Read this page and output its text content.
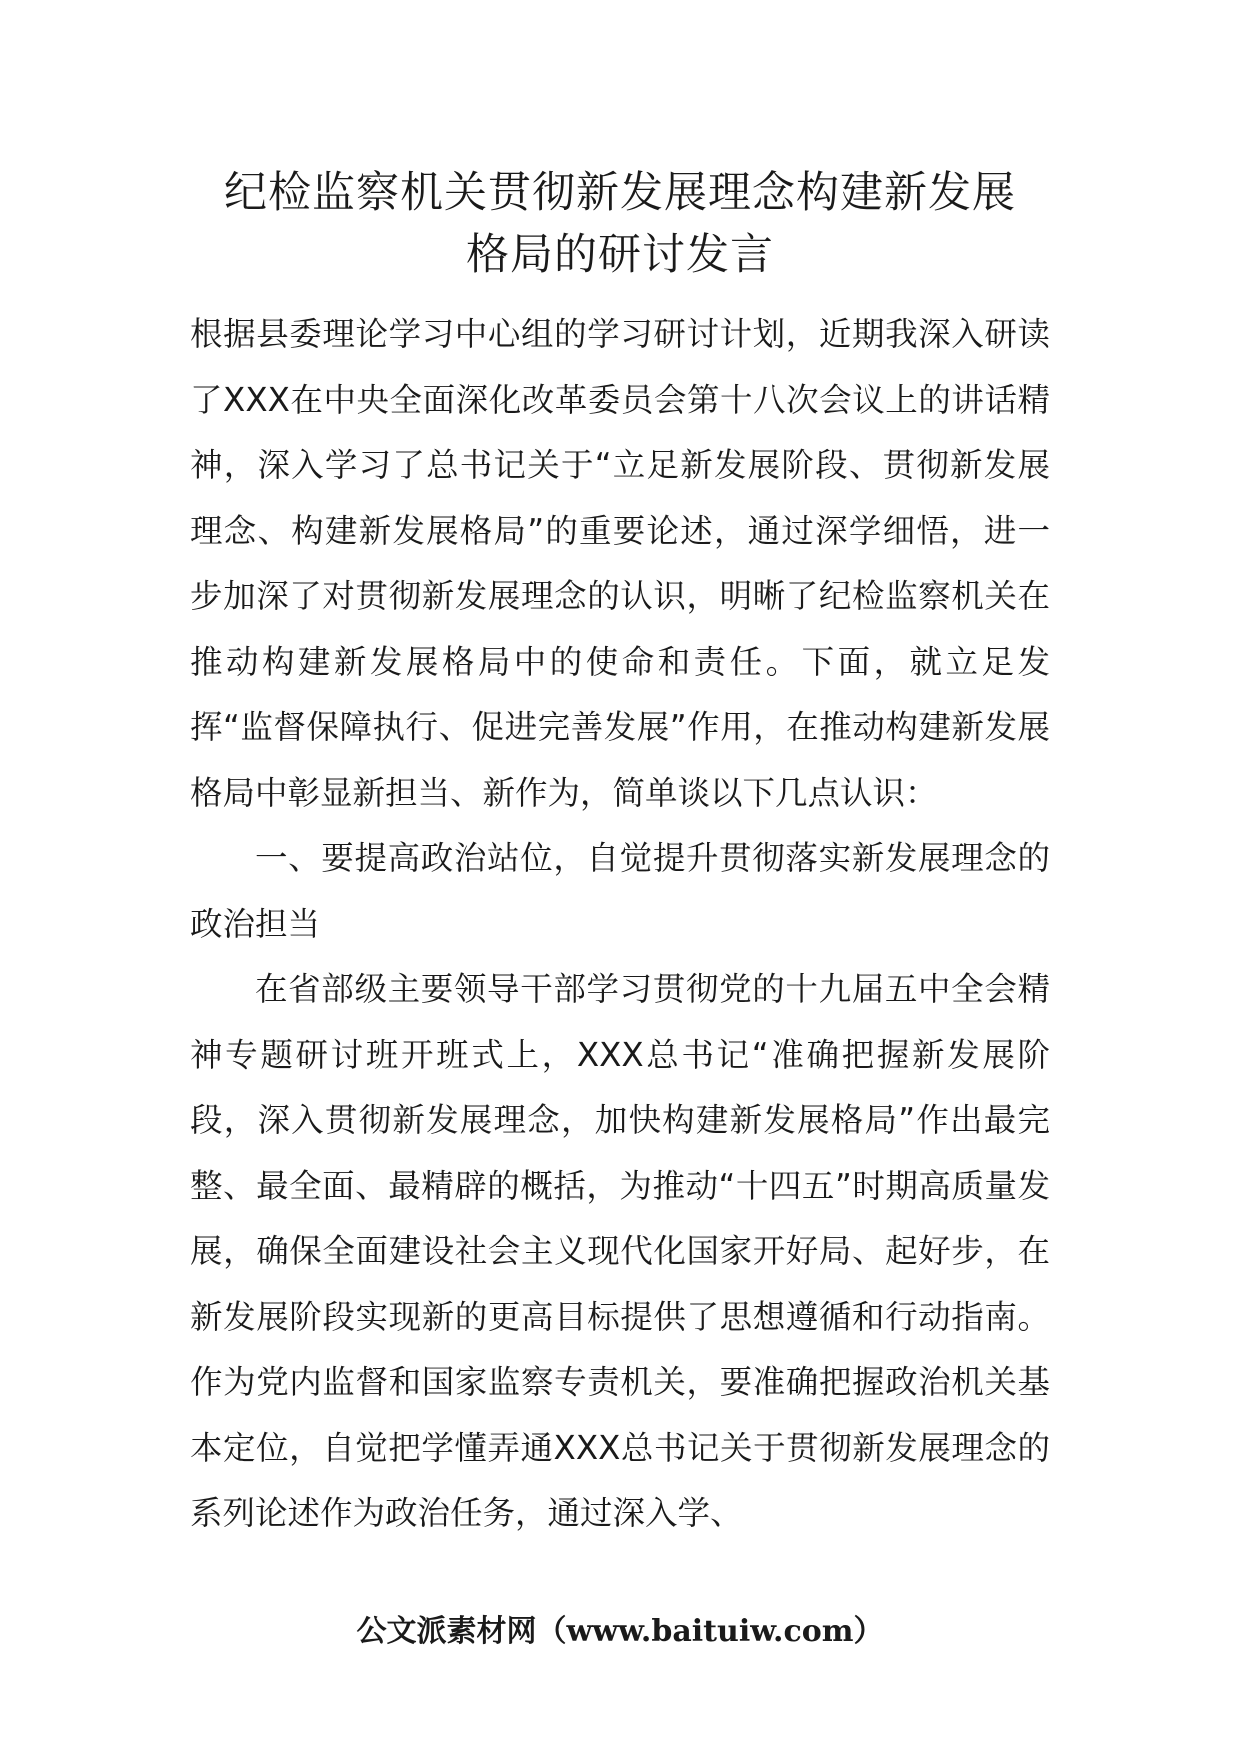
纪检监察机关贯彻新发展理念构建新发展
格局的研讨发言

根据县委理论学习中心组的学习研讨计划，近期我深入研读了XXX在中央全面深化改革委员会第十八次会议上的讲话精神，深入学习了总书记关于“立足新发展阶段、贯彻新发展理念、构建新发展格局”的重要论述，通过深学细悟，进一步加深了对贯彻新发展理念的认识，明晰了纪检监察机关在推动构建新发展格局中的使命和责任。下面，就立足发挥“监督保障执行、促进完善发展”作用，在推动构建新发展格局中彰显新担当、新作为，简单谈以下几点认识：

一、要提高政治站位，自觉提升贯彻落实新发展理念的政治担当

在省部级主要领导干部学习贯彻党的十九届五中全会精神专题研讨班开班式上，XXX总书记“准确把握新发展阶段，深入贯彻新发展理念，加快构建新发展格局”作出最完整、最全面、最精辟的概括，为推动“十四五”时期高质量发展，确保全面建设社会主义现代化国家开好局、起好步，在新发展阶段实现新的更高目标提供了思想遵循和行动指南。作为党内监督和国家监察专责机关，要准确把握政治机关基本定位，自觉把学懂弄通XXX总书记关于贯彻新发展理念的系列论述作为政治任务，通过深入学、

公文派素材网（www.baituiw.com）
